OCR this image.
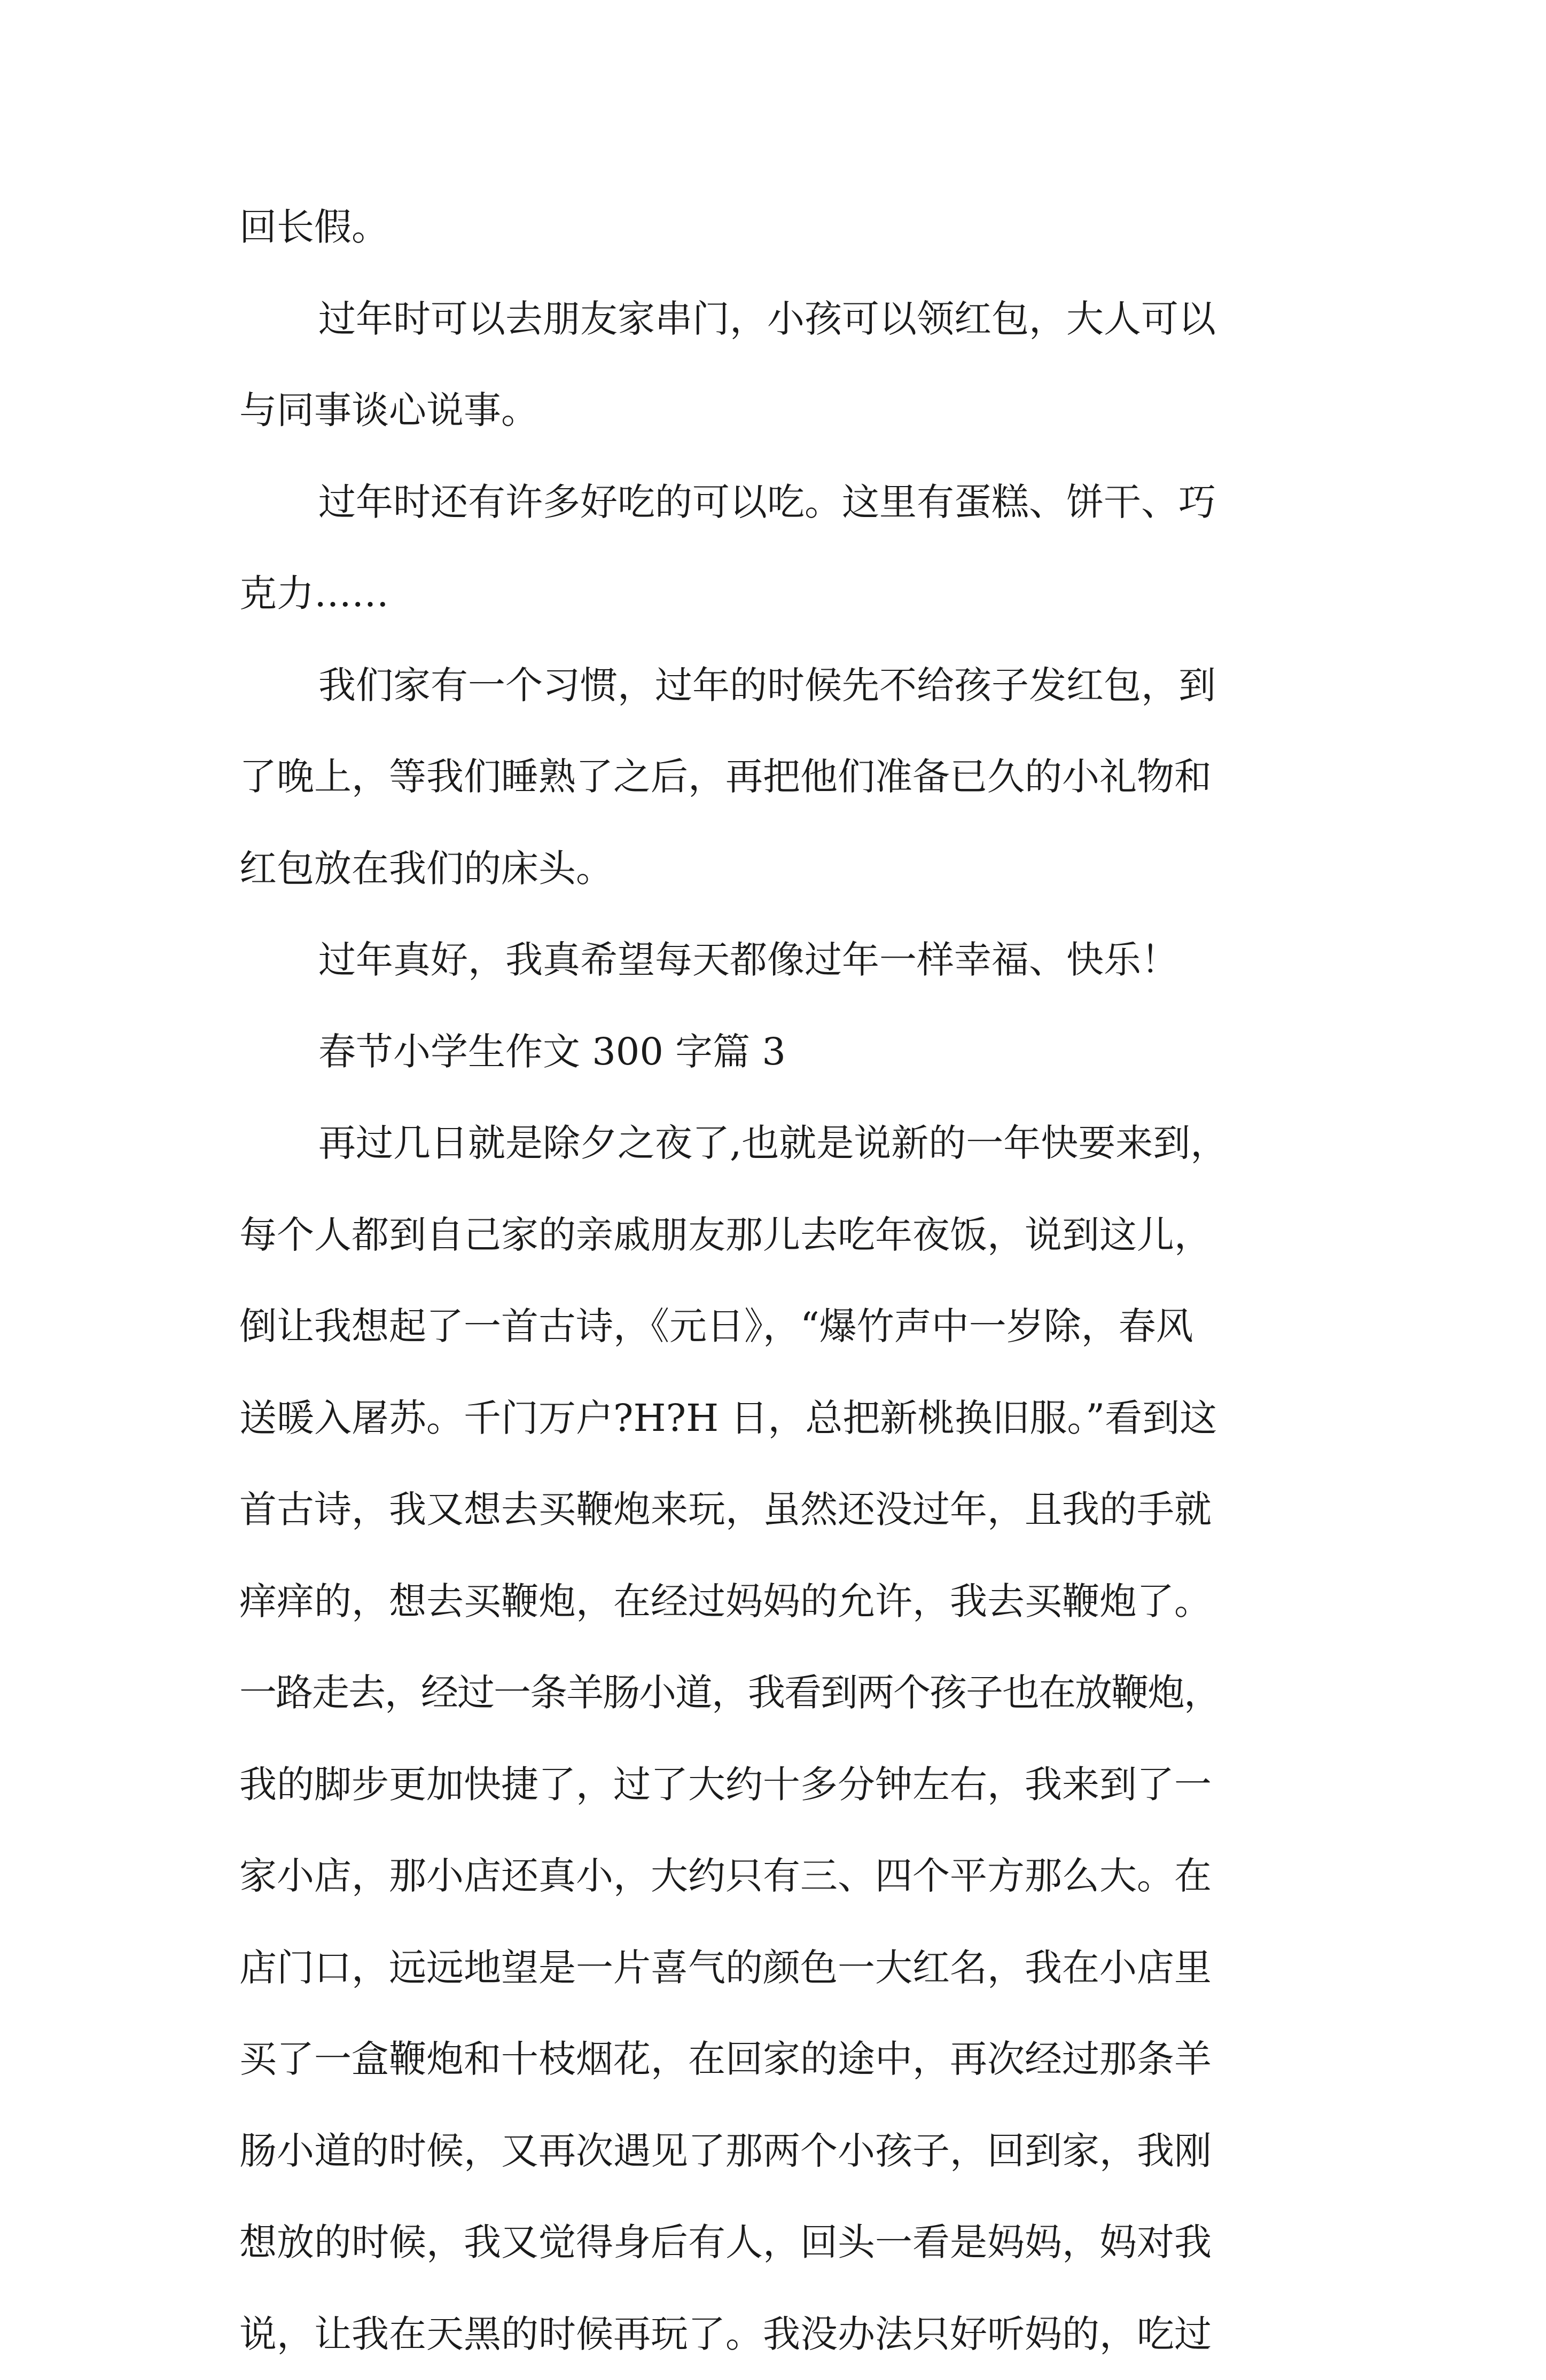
回长假。
过年时可以去朋友家串门，小孩可以领红包，大人可以
与同事谈心说事。
过年时还有许多好吃的可以吃。这里有蛋糕、饼干、巧
克力……
我们家有一个习惯，过年的时候先不给孩子发红包，到
了晚上，等我们睡熟了之后，再把他们准备已久的小礼物和
红包放在我们的床头。
过年真好，我真希望每天都像过年一样幸福、快乐！
春节小学生作文 300 字篇 3
再过几日就是除夕之夜了,也就是说新的一年快要来到，
每个人都到自己家的亲戚朋友那儿去吃年夜饭，说到这儿，
倒让我想起了一首古诗，《元日》，“爆竹声中一岁除，春风
送暖入屠苏。千门万户?H?H 日，总把新桃换旧服。”看到这
首古诗，我又想去买鞭炮来玩，虽然还没过年，且我的手就
痒痒的，想去买鞭炮，在经过妈妈的允许，我去买鞭炮了。
一路走去，经过一条羊肠小道，我看到两个孩子也在放鞭炮，
我的脚步更加快捷了，过了大约十多分钟左右，我来到了一
家小店，那小店还真小，大约只有三、四个平方那么大。在
店门口，远远地望是一片喜气的颜色一大红名，我在小店里
买了一盒鞭炮和十枝烟花，在回家的途中，再次经过那条羊
肠小道的时候，又再次遇见了那两个小孩子，回到家，我刚
想放的时候，我又觉得身后有人，回头一看是妈妈，妈对我
说，让我在天黑的时候再玩了。我没办法只好听妈的，吃过
